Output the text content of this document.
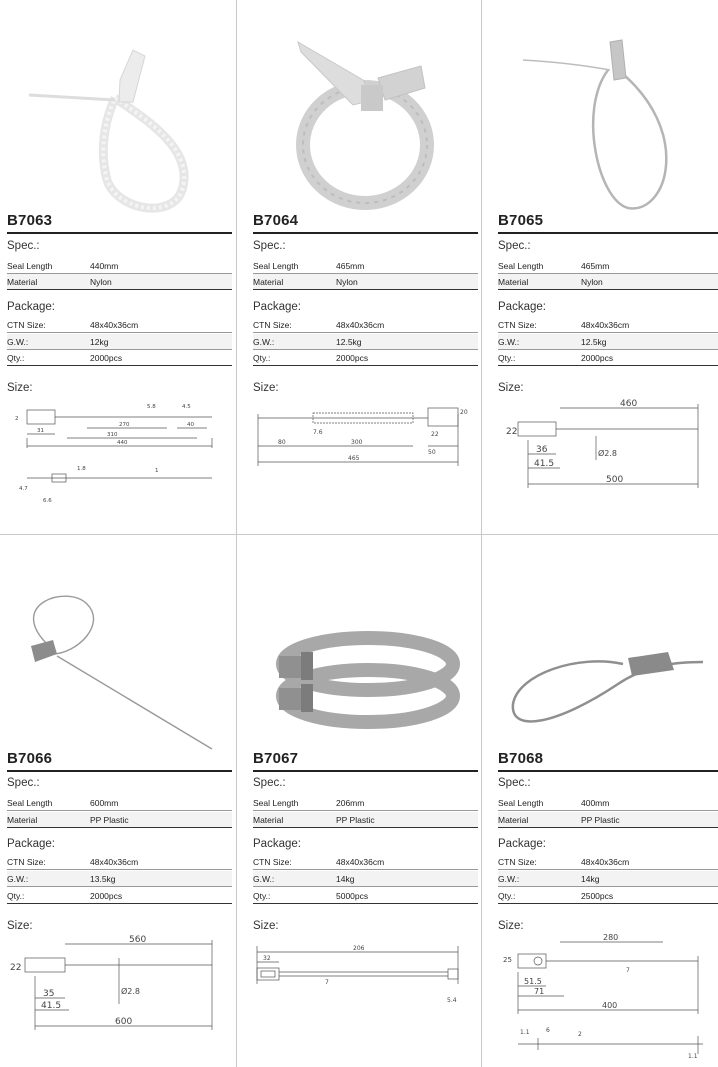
B7063
Spec.:
Seal Length	440mm
Material	Nylon
Package:
CTN Size:	48x40x36cm
G.W.:	12kg
Qty.:	2000pcs
Size:
31
270
310
440
40
5.8	4.5
2
1.8	1
4.7
6.6
B7064
Spec.:
Seal Length	465mm
Material	Nylon
Package:
CTN Size:	48x40x36cm
G.W.:	12.5kg
Qty.:	2000pcs
Size:
80	300
465
50
22
7.6
20
B7065
Spec.:
Seal Length	465mm
Material	Nylon
Package:
CTN Size:	48x40x36cm
G.W.:	12.5kg
Qty.:	2000pcs
Size:
460
22
36
41.5
Ø2.8
500
B7066
Spec.:
Seal Length	600mm
Material	PP Plastic
Package:
CTN Size:	48x40x36cm
G.W.:	13.5kg
Qty.:	2000pcs
Size:
560
22
35
41.5
Ø2.8
600
B7067
Spec.:
Seal Length	206mm
Material	PP Plastic
Package:
CTN Size:	48x40x36cm
G.W.:	14kg
Qty.:	5000pcs
Size:
206
32
5.4
7
B7068
Spec.:
Seal Length	400mm
Material	PP Plastic
Package:
CTN Size:	48x40x36cm
G.W.:	14kg
Qty.:	2500pcs
Size:
280
25
51.5
71
400
1.1	6
2
1.1
7
